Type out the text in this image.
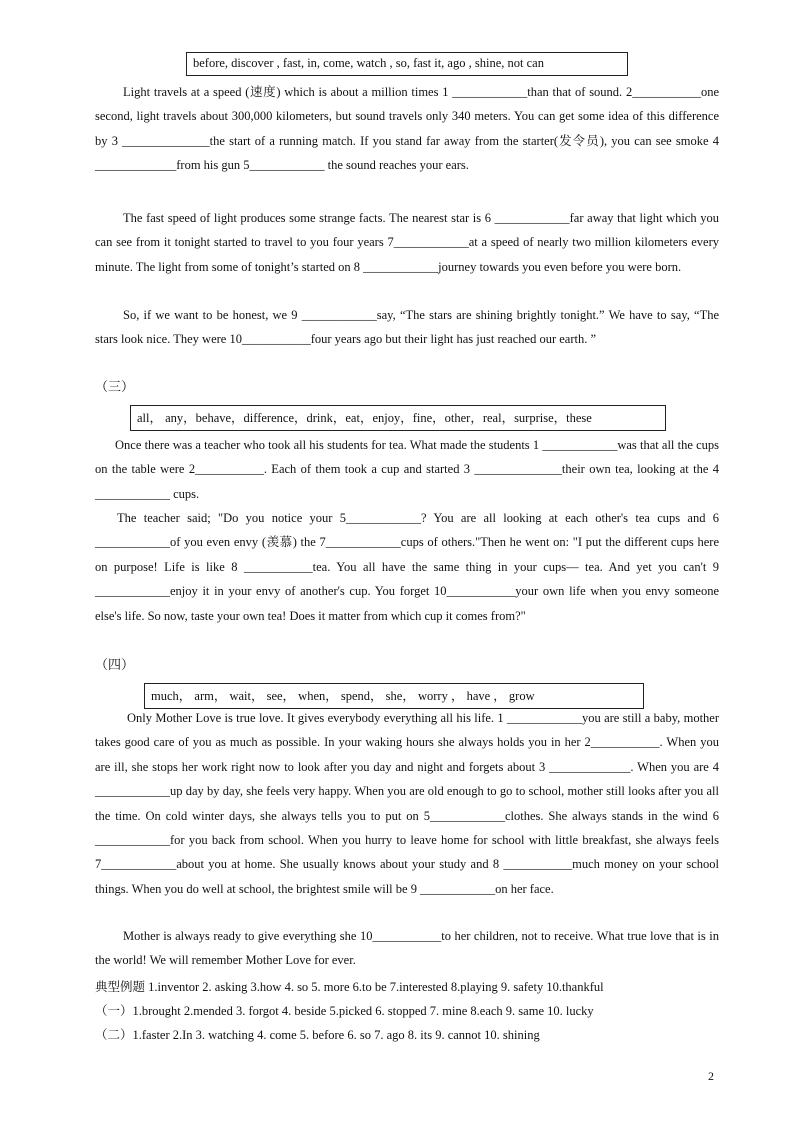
before, discover , fast, in, come, watch , so, fast it, ago , shine, not can
Light travels at a speed (速度) which is about a million times 1 ____________than that of sound. 2___________one second, light travels about 300,000 kilometers, but sound travels only 340 meters. You can get some idea of this difference by 3 ______________the start of a running match. If you stand far away from the starter(发令员), you can see smoke 4 _____________from his gun 5____________ the sound reaches your ears.
The fast speed of light produces some strange facts. The nearest star is 6 ____________far away that light which you can see from it tonight started to travel to you four years 7____________at a speed of nearly two million kilometers every minute. The light from some of tonight’s started on 8 ____________journey towards you even before you were born.
So, if we want to be honest, we 9 ____________say, “The stars are shining brightly tonight.” We have to say, “The stars look nice. They were 10___________four years ago but their light has just reached our earth. ”
（三）
all， any，behave，difference，drink，eat，enjoy，fine，other，real，surprise，these
Once there was a teacher who took all his students for tea. What made the students 1 ____________was that all the cups on the table were 2___________. Each of them took a cup and started 3 ______________their own tea, looking at the 4 ____________ cups.
The teacher said; "Do you notice your 5____________? You are all looking at each other's tea cups and 6 ____________of you even envy (羡慕) the 7____________cups of others."Then he went on: "I put the different cups here on purpose! Life is like 8 ___________tea. You all have the same thing in your cups— tea. And yet you can't 9 ____________enjoy it in your envy of another's cup. You forget 10___________your own life when you envy someone else's life. So now, taste your own tea! Does it matter from which cup it comes from?"
（四）
much， arm， wait， see， when， spend， she， worry ， have ， grow
Only Mother Love is true love. It gives everybody everything all his life. 1 ____________you are still a baby, mother takes good care of you as much as possible. In your waking hours she always holds you in her 2___________. When you are ill, she stops her work right now to look after you day and night and forgets about 3 _____________. When you are 4 ____________up day by day, she feels very happy. When you are old enough to go to school, mother still looks after you all the time. On cold winter days, she always tells you to put on 5____________clothes. She always stands in the wind 6 ____________for you back from school. When you hurry to leave home for school with little breakfast, she always feels 7____________about you at home. She usually knows about your study and 8 ___________much money on your school things. When you do well at school, the brightest smile will be 9 ____________on her face.
Mother is always ready to give everything she 10___________to her children, not to receive. What true love that is in the world! We will remember Mother Love for ever.
典型例题 1.inventor 2. asking 3.how 4. so 5. more 6.to be 7.interested 8.playing 9. safety 10.thankful
（一）1.brought 2.mended 3. forgot 4. beside 5.picked 6. stopped 7. mine 8.each 9. same 10. lucky
（二）1.faster 2.In 3. watching 4. come 5. before 6. so 7. ago 8. its 9. cannot 10. shining
2
